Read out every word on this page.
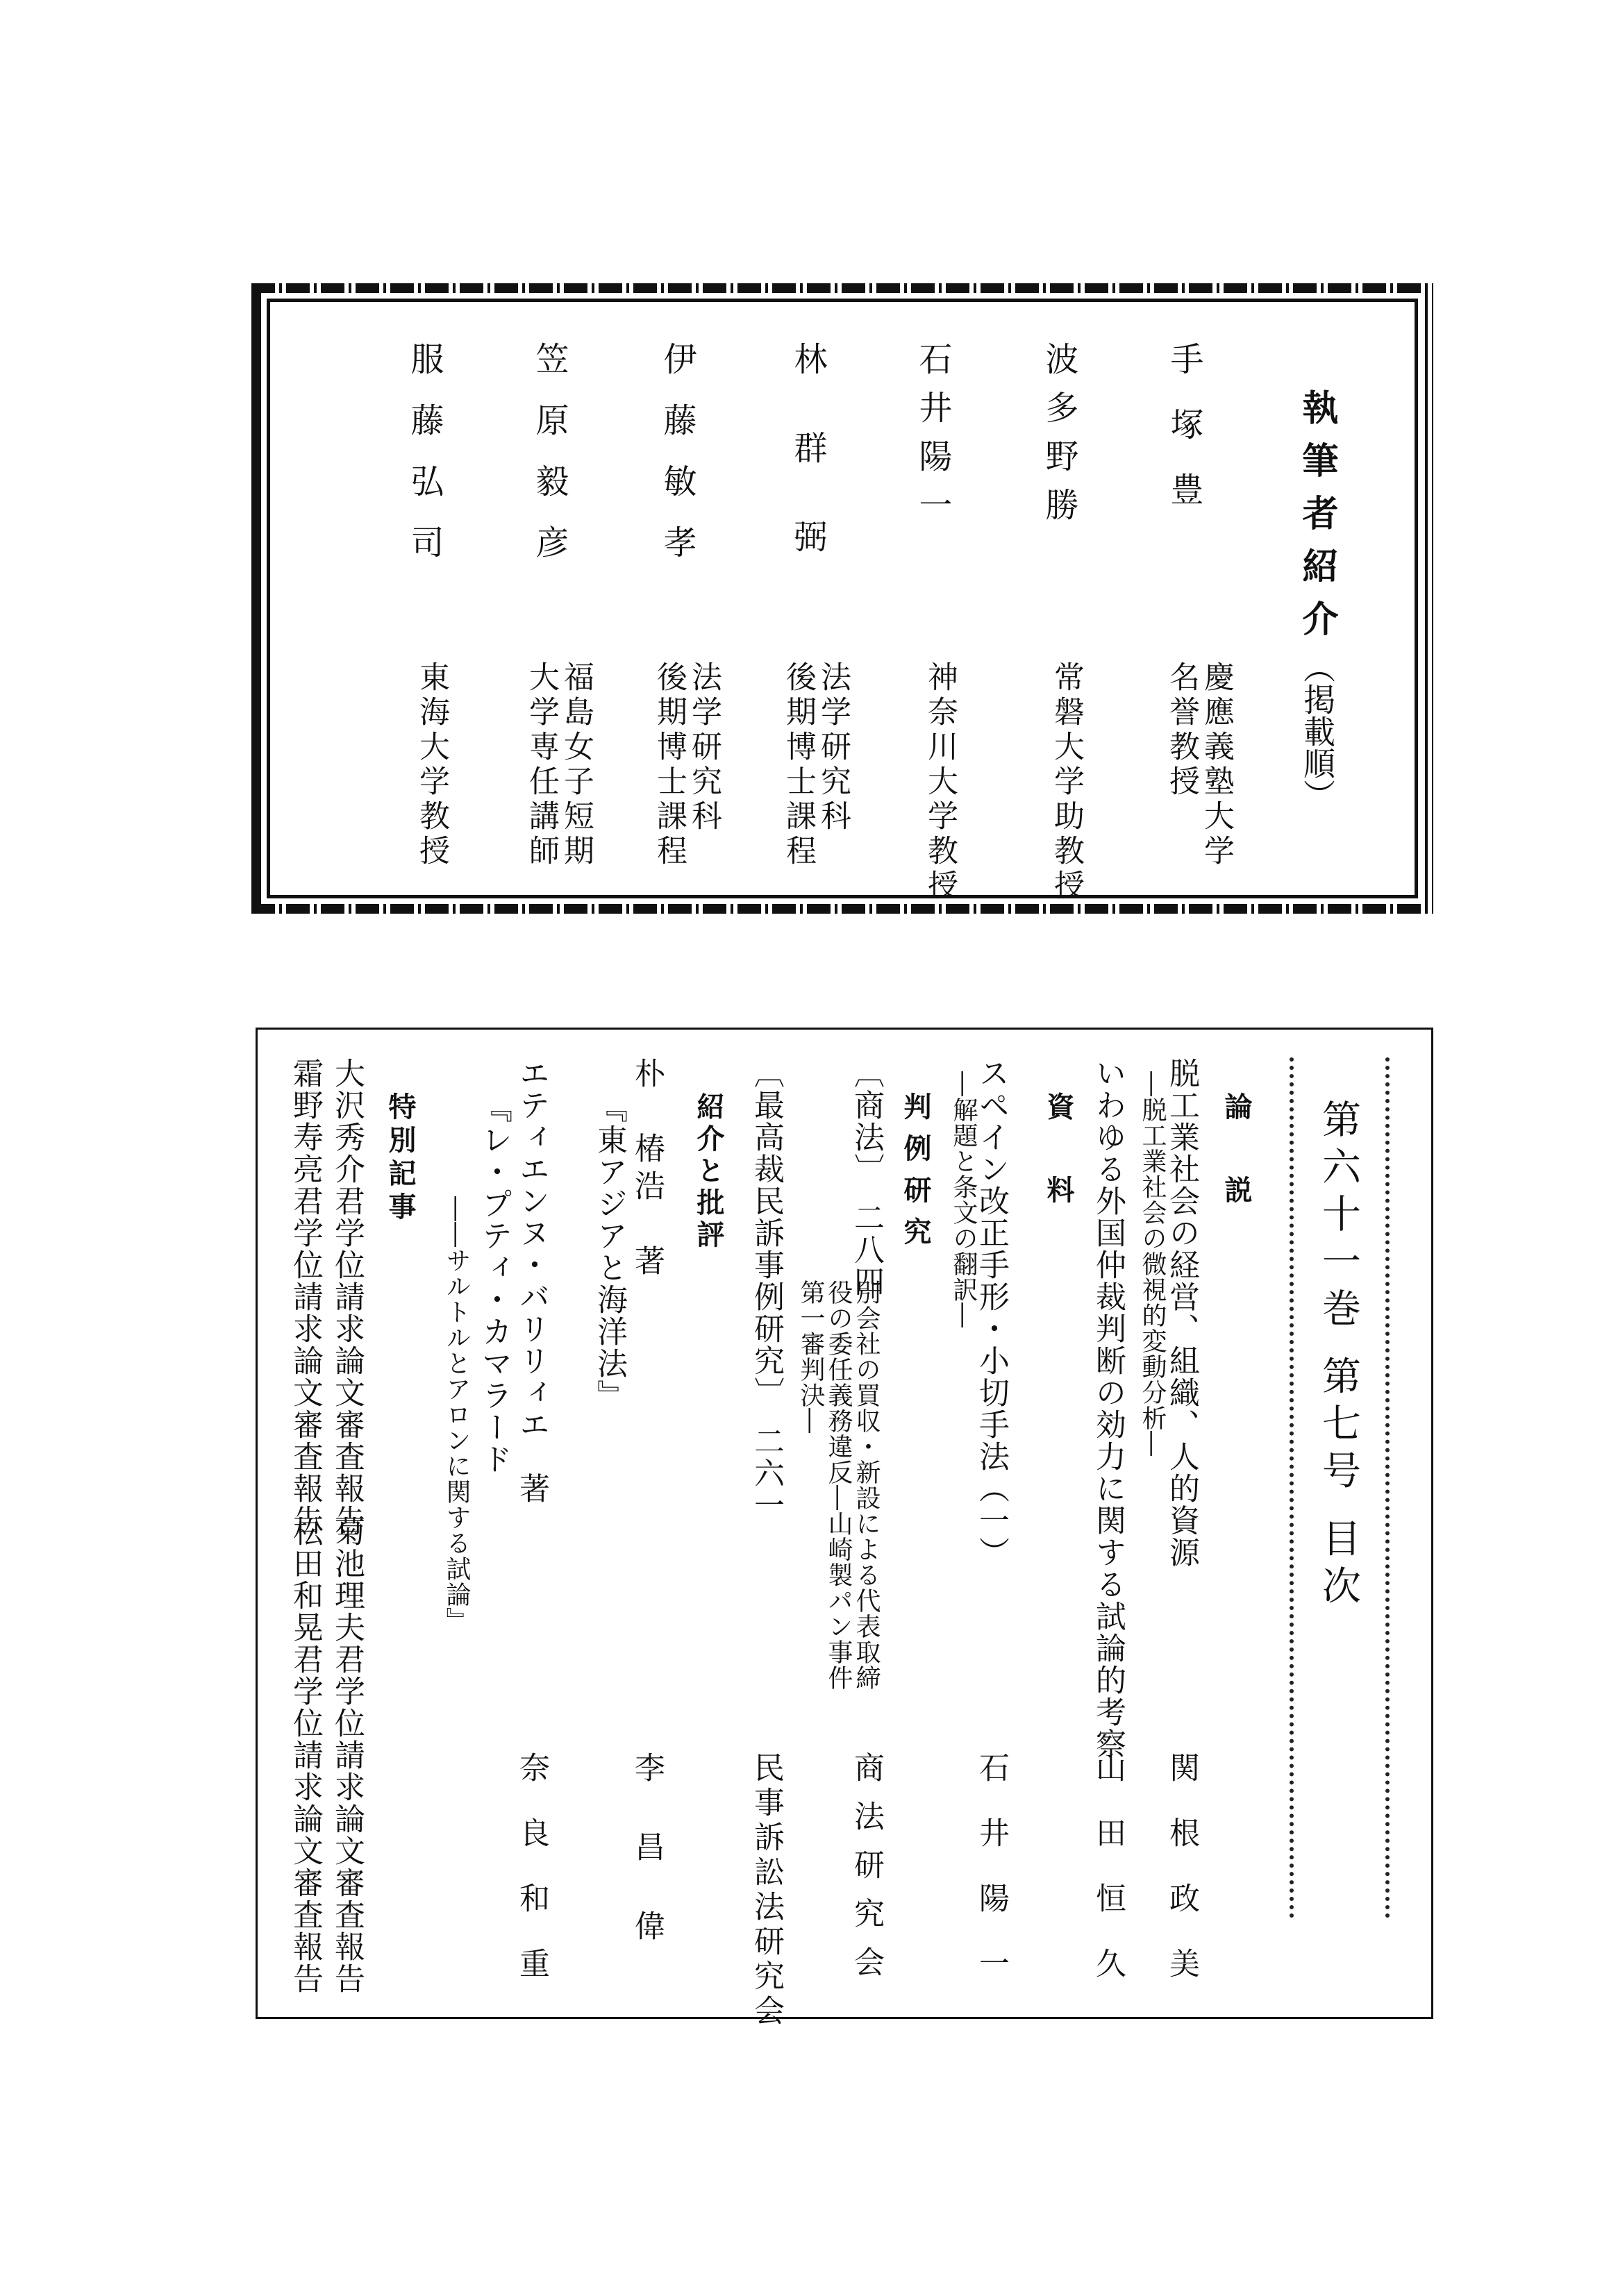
執筆者紹介
（掲載順）
手塚豊
慶應義塾大学
名誉教授
波多野勝
常磐大学助教授
石井陽一
神奈川大学教授
林群弼
法学研究科
後期博士課程
伊藤敏孝
法学研究科
後期博士課程
笠原毅彦
福島女子短期
大学専任講師
服藤弘司
東海大学教授
第六十一巻 第七号 目次
論　説
脱工業社会の経営、組織、人的資源
―脱工業社会の微視的変動分析―
関根政美
いわゆる外国仲裁判断の効力に関する試論的考察
山田恒久
資　料
スペイン改正手形・小切手法（一）
―解題と条文の翻訳―
石井陽一
判例研究
〔商法〕　二八四
別会社の買収・新設による代表取締
役の委任義務違反―山崎製パン事件
第一審判決―
商法研究会
〔最高裁民訴事例研究〕　二六一
民事訴訟法研究会
紹介と批評
朴　椿浩　著
『東アジアと海洋法』
李昌偉
エティエンヌ・バリリィエ　著
『レ・プティ・カマラード
――サルトルとアロンに関する試論』
奈良和重
特別記事
大沢秀介君学位請求論文審査報告
菊池理夫君学位請求論文審査報告
霜野寿亮君学位請求論文審査報告
松田和晃君学位請求論文審査報告
